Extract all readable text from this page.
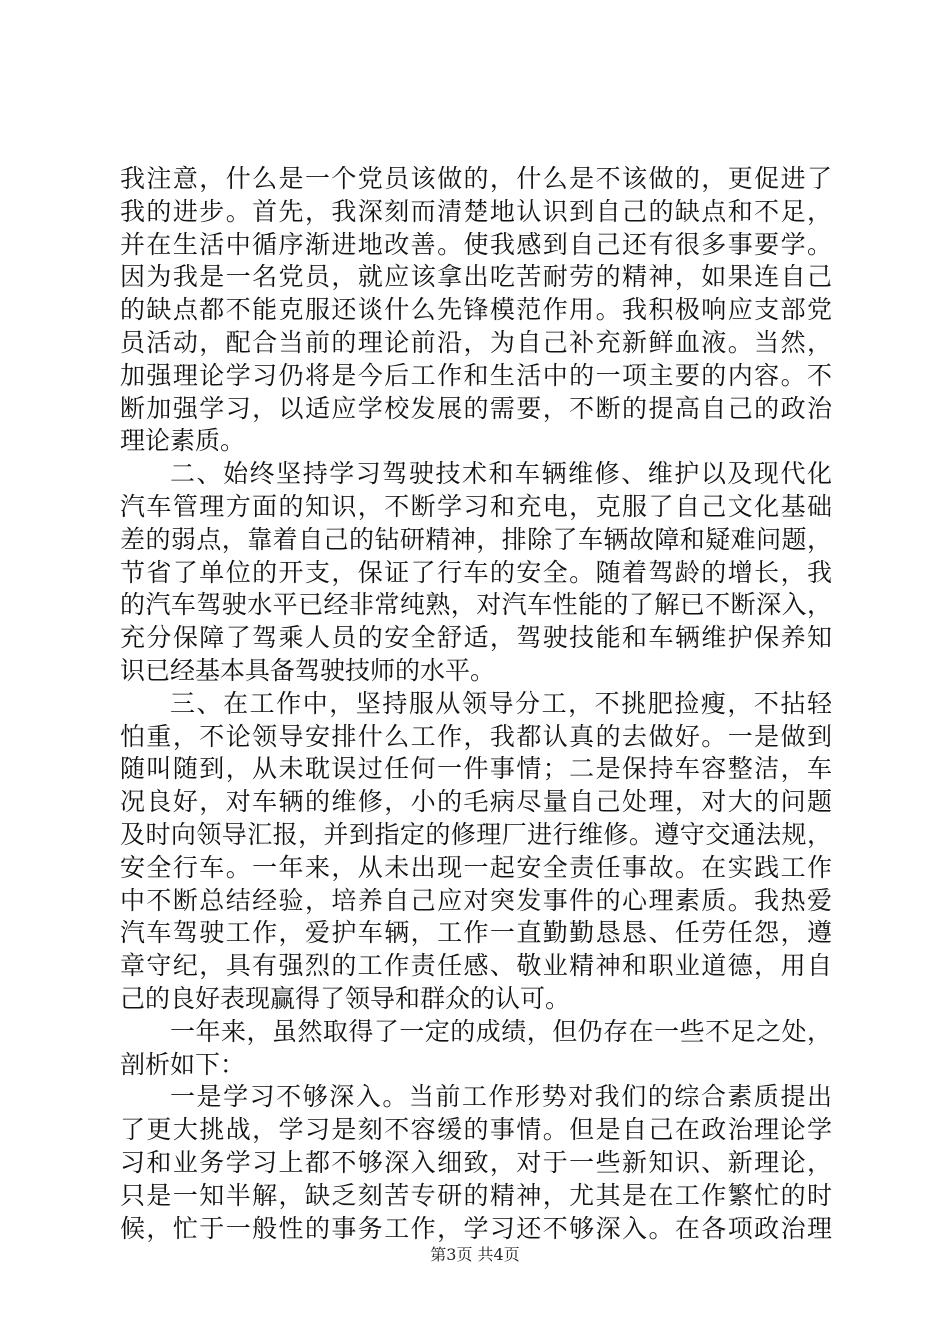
我注意，什么是一个党员该做的，什么是不该做的，更促进了
我的进步。首先，我深刻而清楚地认识到自己的缺点和不足，
并在生活中循序渐进地改善。使我感到自己还有很多事要学。
因为我是一名党员，就应该拿出吃苦耐劳的精神，如果连自己
的缺点都不能克服还谈什么先锋模范作用。我积极响应支部党
员活动，配合当前的理论前沿，为自己补充新鲜血液。当然，
加强理论学习仍将是今后工作和生活中的一项主要的内容。不
断加强学习，以适应学校发展的需要，不断的提高自己的政治
理论素质。
二、始终坚持学习驾驶技术和车辆维修、维护以及现代化
汽车管理方面的知识，不断学习和充电，克服了自己文化基础
差的弱点，靠着自己的钻研精神，排除了车辆故障和疑难问题，
节省了单位的开支，保证了行车的安全。随着驾龄的增长，我
的汽车驾驶水平已经非常纯熟，对汽车性能的了解已不断深入，
充分保障了驾乘人员的安全舒适，驾驶技能和车辆维护保养知
识已经基本具备驾驶技师的水平。
三、在工作中，坚持服从领导分工，不挑肥捡瘦，不拈轻
怕重，不论领导安排什么工作，我都认真的去做好。一是做到
随叫随到，从未耽误过任何一件事情；二是保持车容整洁，车
况良好，对车辆的维修，小的毛病尽量自己处理，对大的问题
及时向领导汇报，并到指定的修理厂进行维修。遵守交通法规，
安全行车。一年来，从未出现一起安全责任事故。在实践工作
中不断总结经验，培养自己应对突发事件的心理素质。我热爱
汽车驾驶工作，爱护车辆，工作一直勤勤恳恳、任劳任怨，遵
章守纪，具有强烈的工作责任感、敬业精神和职业道德，用自
己的良好表现赢得了领导和群众的认可。
一年来，虽然取得了一定的成绩，但仍存在一些不足之处，
剖析如下：
一是学习不够深入。当前工作形势对我们的综合素质提出
了更大挑战，学习是刻不容缓的事情。但是自己在政治理论学
习和业务学习上都不够深入细致，对于一些新知识、新理论，
只是一知半解，缺乏刻苦专研的精神，尤其是在工作繁忙的时
候，忙于一般性的事务工作，学习还不够深入。在各项政治理
第3页 共4页
